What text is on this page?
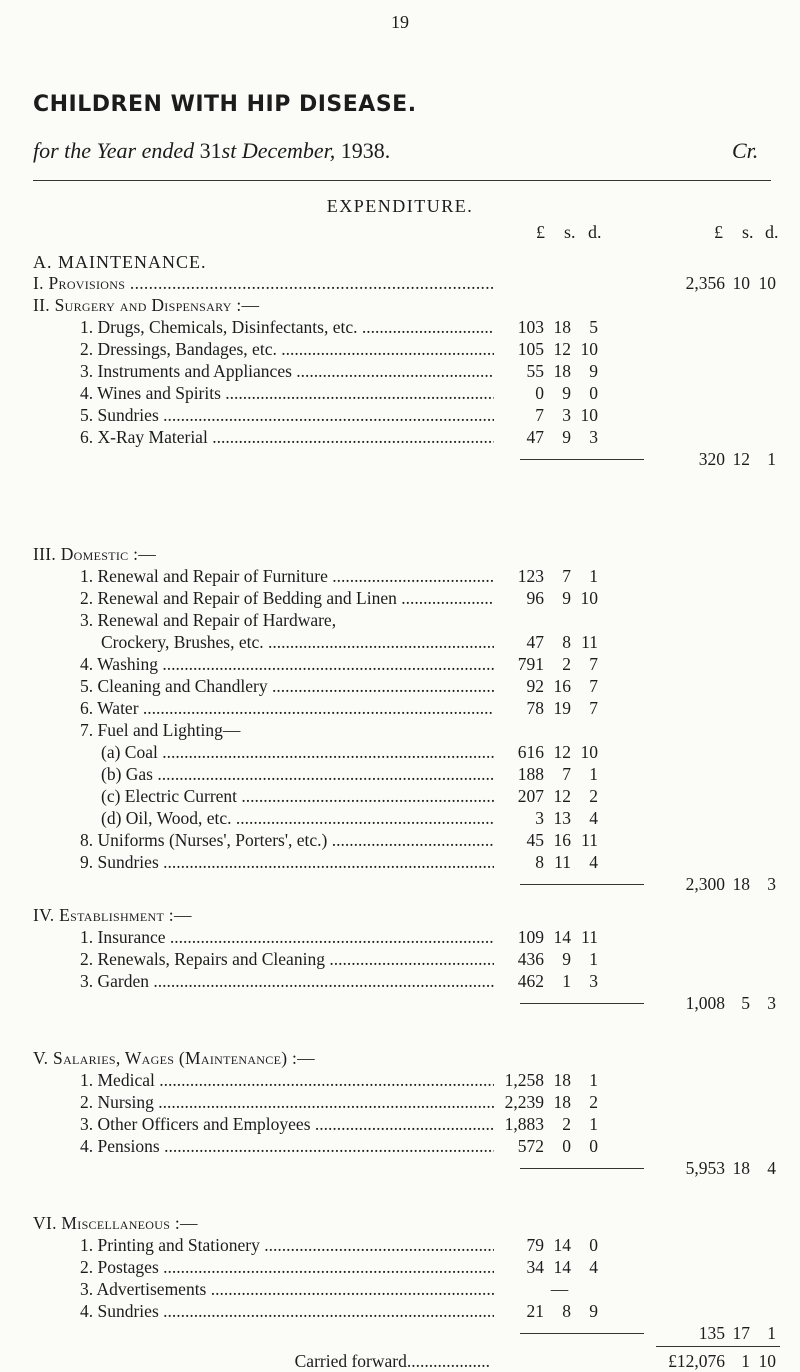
19
CHILDREN WITH HIP DISEASE.
for the Year ended 31st December, 1938.	Cr.
EXPENDITURE.
£ s. d.	£ s. d.
A. MAINTENANCE.
I. Provisions .....	2,356 10 10
II. Surgery and Dispensary :—
1. Drugs, Chemicals, Disinfectants, etc. .....	103 18	5
2. Dressings, Bandages, etc. .....	105 12 10
3. Instruments and Appliances .....	55 18	9
4. Wines and Spirits .....	0	9	0
5. Sundries .....	7	3 10
6. X-Ray Material .....	47	9	3
320 12 1
III. Domestic :—
1. Renewal and Repair of Furniture .....	123	7	1
2. Renewal and Repair of Bedding and Linen .....	96	9 10
3. Renewal and Repair of Hardware,
Crockery, Brushes, etc. .....	47	8 11
4. Washing .....	791	2	7
5. Cleaning and Chandlery .....	92 16	7
6. Water .....	78 19	7
7. Fuel and Lighting—
(a) Coal .....	616 12 10
(b) Gas .....	188	7	1
(c) Electric Current .....	207 12	2
(d) Oil, Wood, etc. .....	3 13	4
8. Uniforms (Nurses', Porters', etc.) .....	45 16 11
9. Sundries .....	8 11	4
2,300 18 3
IV. Establishment :—
1. Insurance .....	109 14 11
2. Renewals, Repairs and Cleaning .....	436	9	1
3. Garden .....	462	1	3
1,008 5 3
V. Salaries, Wages (Maintenance) :—
1. Medical .....	1,258 18	1
2. Nursing .....	2,239 18	2
3. Other Officers and Employees .....	1,883	2	1
4. Pensions .....	572	0	0
5,953 18 4
VI. Miscellaneous :—
1. Printing and Stationery .....	79 14	0
2. Postages .....	34 14	4
3. Advertisements .....	—
4. Sundries .....	21	8	9
135 17 1
Carried forward...................	£12,076 1 10
